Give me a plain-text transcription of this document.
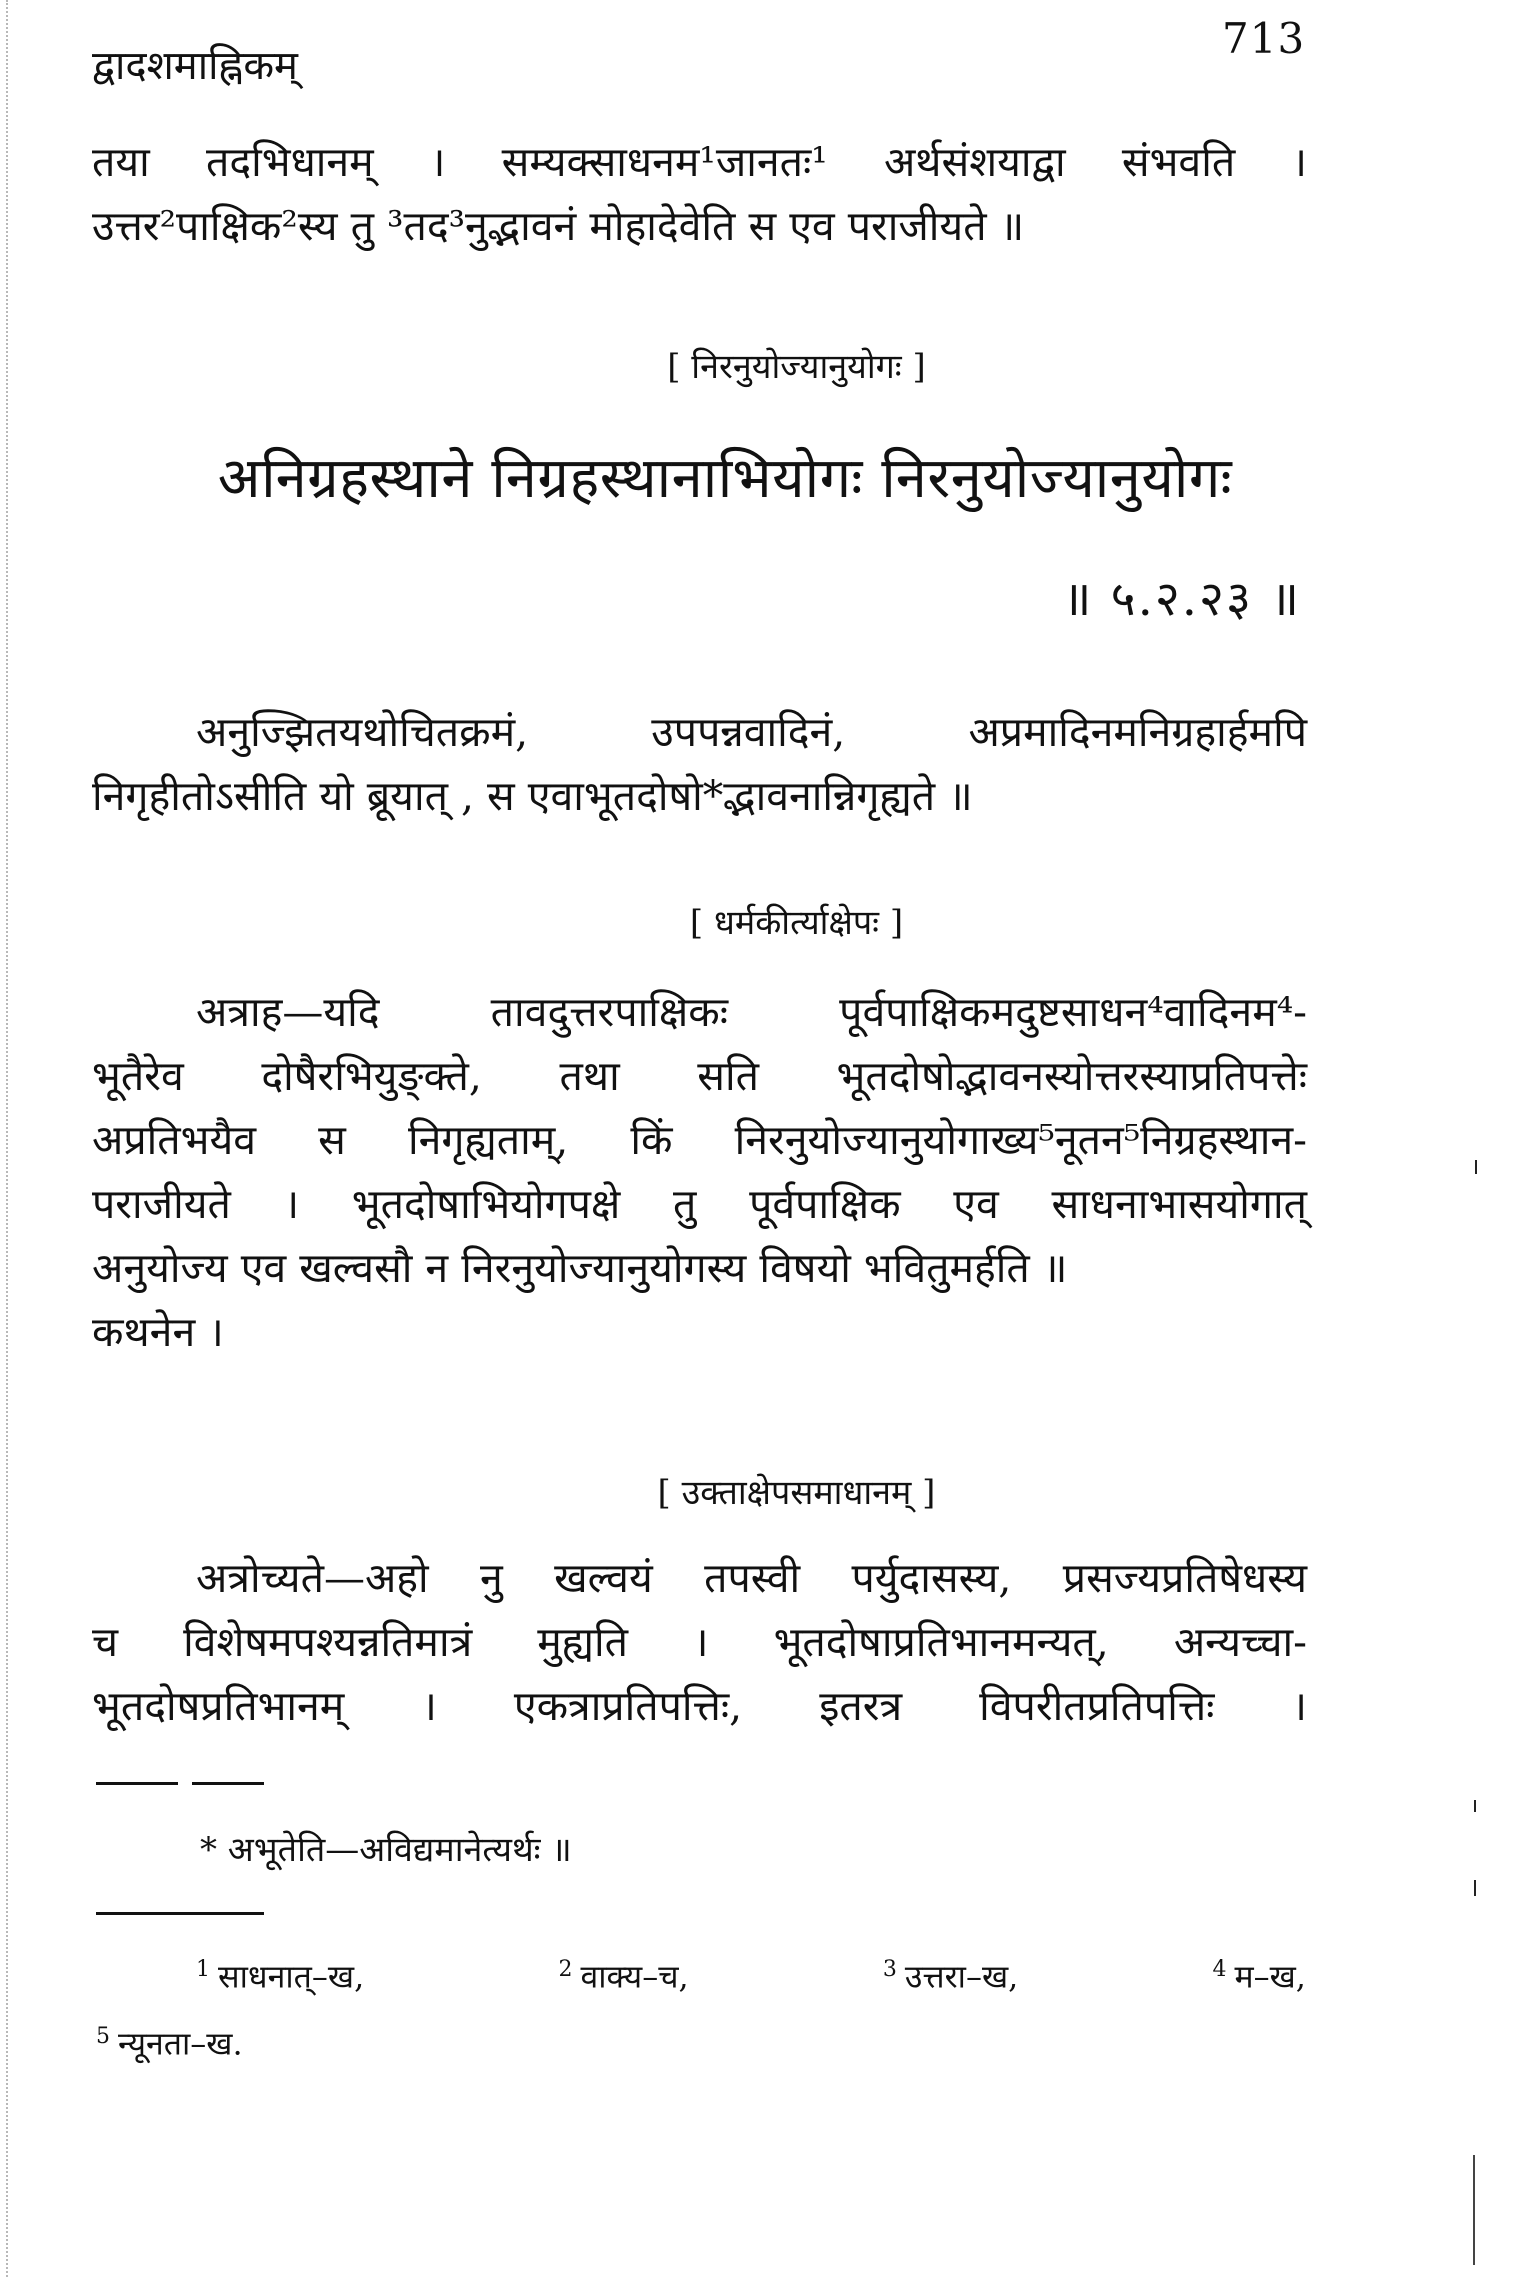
द्वादशमाह्निकम्
713
तया तदभिधानम् । सम्यक्साधनम¹जानतः¹ अर्थसंशयाद्वा संभवति ।
उत्तर²पाक्षिक²स्य तु ³तद³नुद्भावनं मोहादेवेति स एव पराजीयते ॥
[ निरनुयोज्यानुयोगः ]
अनिग्रहस्थाने निग्रहस्थानाभियोगः निरनुयोज्यानुयोगः
॥ ५.२.२३ ॥
अनुज्झितयथोचितक्रमं, उपपन्नवादिनं, अप्रमादिनमनिग्रहार्हमपि
निगृहीतोऽसीति यो ब्रूयात् , स एवाभूतदोषो*द्भावनान्निगृह्यते ॥
[ धर्मकीर्त्याक्षेपः ]
अत्राह—यदि तावदुत्तरपाक्षिकः पूर्वपाक्षिकमदुष्टसाधन⁴वादिनम⁴-
भूतैरेव दोषैरभियुङ्क्ते, तथा सति भूतदोषोद्भावनस्योत्तरस्याप्रतिपत्तेः
अप्रतिभयैव स निगृह्यताम्, किं निरनुयोज्यानुयोगाख्य⁵नूतन⁵निग्रहस्थान-
पराजीयते । भूतदोषाभियोगपक्षे तु पूर्वपाक्षिक एव साधनाभासयोगात्
अनुयोज्य एव खल्वसौ न निरनुयोज्यानुयोगस्य विषयो भवितुमर्हति ॥
कथनेन ।
[ उक्ताक्षेपसमाधानम् ]
अत्रोच्यते—अहो नु खल्वयं तपस्वी पर्युदासस्य, प्रसज्यप्रतिषेधस्य
च विशेषमपश्यन्नतिमात्रं मुह्यति । भूतदोषाप्रतिभानमन्यत्, अन्यच्चा-
भूतदोषप्रतिभानम् । एकत्राप्रतिपत्तिः, इतरत्र विपरीतप्रतिपत्तिः ।
* अभूतेति—अविद्यमानेत्यर्थः ॥
$^1$ साधनात्–ख,	$^2$ वाक्य–च,	$^3$ उत्तरा–ख,	$^4$ म–ख,
$^5$ न्यूनता–ख.
